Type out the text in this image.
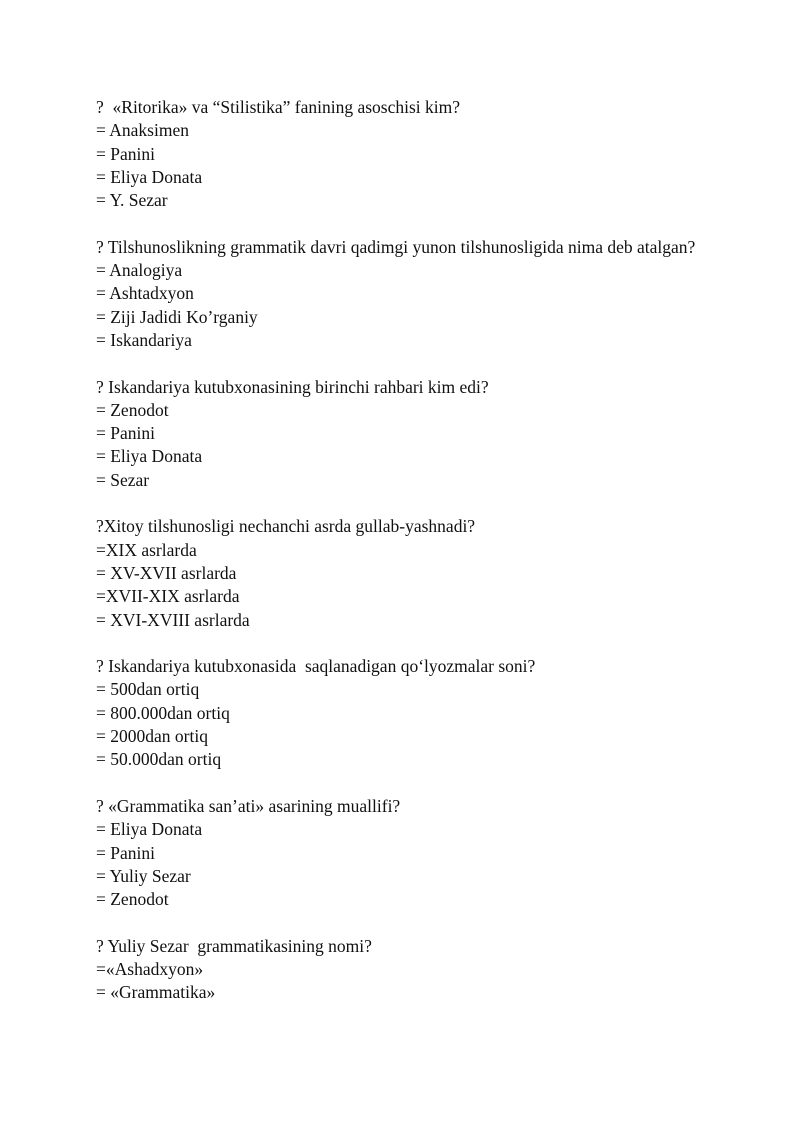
?  «Ritorika» va “Stilistika” fanining asoschisi kim?

= Anaksimen

= Panini

= Eliya Donata

= Y. Sezar

? Tilshunoslikning grammatik davri qadimgi yunon tilshunosligida nima deb atalgan?

= Analogiya

= Ashtadxyon

= Ziji Jadidi Ko’rganiy

= Iskandariya

? Iskandariya kutubxonasining birinchi rahbari kim edi?

= Zenodot

= Panini

= Eliya Donata

= Sezar

?Xitoy tilshunosligi nechanchi asrda gullab-yashnadi?

=XIX asrlarda

= XV-XVII asrlarda

=XVII-XIX asrlarda

= XVI-XVIII asrlarda

? Iskandariya kutubxonasida  saqlanadigan qo‘lyozmalar soni?

= 500dan ortiq

= 800.000dan ortiq

= 2000dan ortiq

= 50.000dan ortiq

? «Grammatika san’ati» asarining muallifi?

= Eliya Donata

= Panini

= Yuliy Sezar

= Zenodot

? Yuliy Sezar  grammatikasining nomi?

=«Ashadxyon»

= «Grammatika»
